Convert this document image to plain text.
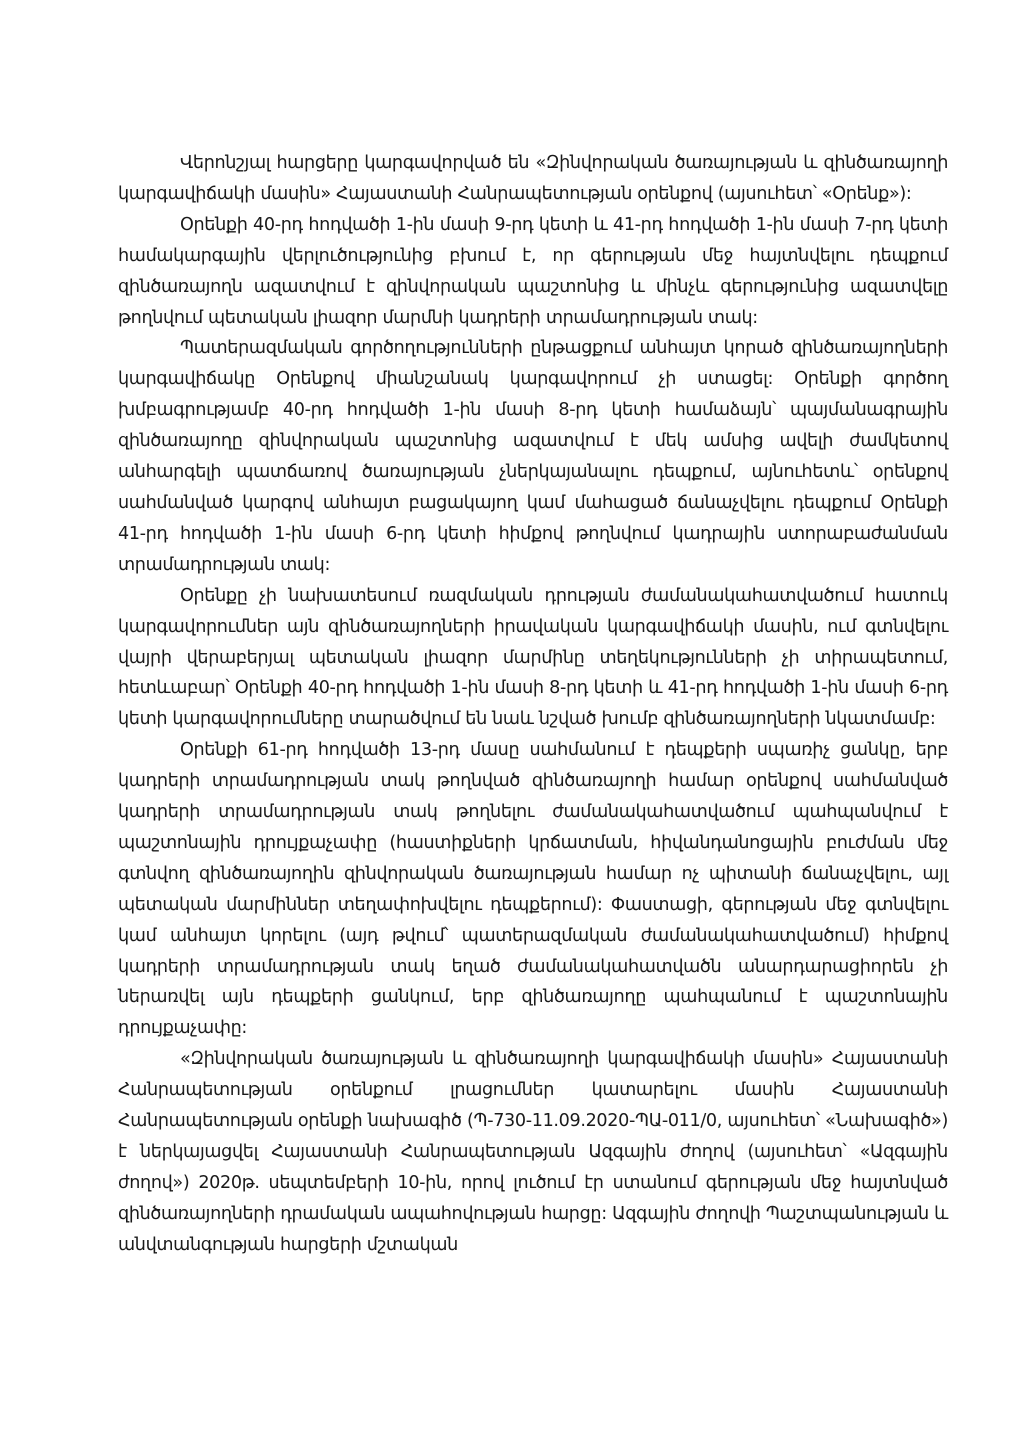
Վերոնշյալ հարցերը կարգավորված են «Զինվորական ծառայության և զինծառայողի կարգավիճակի մասին» Հայաստանի Հանրապետության օրենքով (այսուհետ՝ «Օրենք»):

Օրենքի 40-րդ հոդվածի 1-ին մասի 9-րդ կետի և 41-րդ հոդվածի 1-ին մասի 7-րդ կետի համակարգային վերլուծությունից բխում է, որ գերության մեջ հայտնվելու դեպքում զինծառայողն ազատվում է զինվորական պաշտոնից և մինչև գերությունից ազատվելը թողնվում պետական լիազոր մարմնի կադրերի տրամադրության տակ:

Պատերազմական գործողությունների ընթացքում անհայտ կորած զինծառայողների կարգավիճակը Օրենքով միանշանակ կարգավորում չի ստացել: Օրենքի գործող խմբագրությամբ 40-րդ հոդվածի 1-ին մասի 8-րդ կետի համաձայն՝ պայմանագրային զինծառայողը զինվորական պաշտոնից ազատվում է մեկ ամսից ավելի ժամկետով անհարգելի պատճառով ծառայության չներկայանալու դեպքում, այնուհետև՝ օրենքով սահմանված կարգով անհայտ բացակայող կամ մահացած ճանաչվելու դեպքում Օրենքի 41-րդ հոդվածի 1-ին մասի 6-րդ կետի հիմքով թողնվում կադրային ստորաբաժանման տրամադրության տակ:

Օրենքը չի նախատեսում ռազմական դրության ժամանակահատվածում հատուկ կարգավորումներ այն զինծառայողների իրավական կարգավիճակի մասին, ում գտնվելու վայրի վերաբերյալ պետական լիազոր մարմինը տեղեկությունների չի տիրապետում, հետևաբար՝ Օրենքի 40-րդ հոդվածի 1-ին մասի 8-րդ կետի և 41-րդ հոդվածի 1-ին մասի 6-րդ կետի կարգավորումները տարածվում են նաև նշված խումբ զինծառայողների նկատմամբ:

Օրենքի 61-րդ հոդվածի 13-րդ մասը սահմանում է դեպքերի սպառիչ ցանկը, երբ կադրերի տրամադրության տակ թողնված զինծառայողի համար օրենքով սահմանված կադրերի տրամադրության տակ թողնելու ժամանակահատվածում պահպանվում է պաշտոնային դրույքաչափը (հաստիքների կրճատման, հիվանդանոցային բուժման մեջ գտնվող զինծառայողին զինվորական ծառայության համար ոչ պիտանի ճանաչվելու, այլ պետական մարմիններ տեղափոխվելու դեպքերում): Փաստացի, գերության մեջ գտնվելու կամ անհայտ կորելու (այդ թվում՝ պատերազմական ժամանակահատվածում) հիմքով կադրերի տրամադրության տակ եղած ժամանակահատվածն անարդարացիորեն չի ներառվել այն դեպքերի ցանկում, երբ զինծառայողը պահպանում է պաշտոնային դրույքաչափը:

«Զինվորական ծառայության և զինծառայողի կարգավիճակի մասին» Հայաստանի Հանրապետության օրենքում լրացումներ կատարելու մասին Հայաստանի Հանրապետության օրենքի նախագիծ (Պ-730-11.09.2020-ՊԱ-011/0, այսուհետ՝ «Նախագիծ») է ներկայացվել Հայաստանի Հանրապետության Ազգային ժողով (այսուհետ՝ «Ազգային ժողով») 2020թ. սեպտեմբերի 10-ին, որով լուծում էր ստանում գերության մեջ հայտնված զինծառայողների դրամական ապահովության հարցը: Ազգային ժողովի Պաշտպանության և անվտանգության հարցերի մշտական
